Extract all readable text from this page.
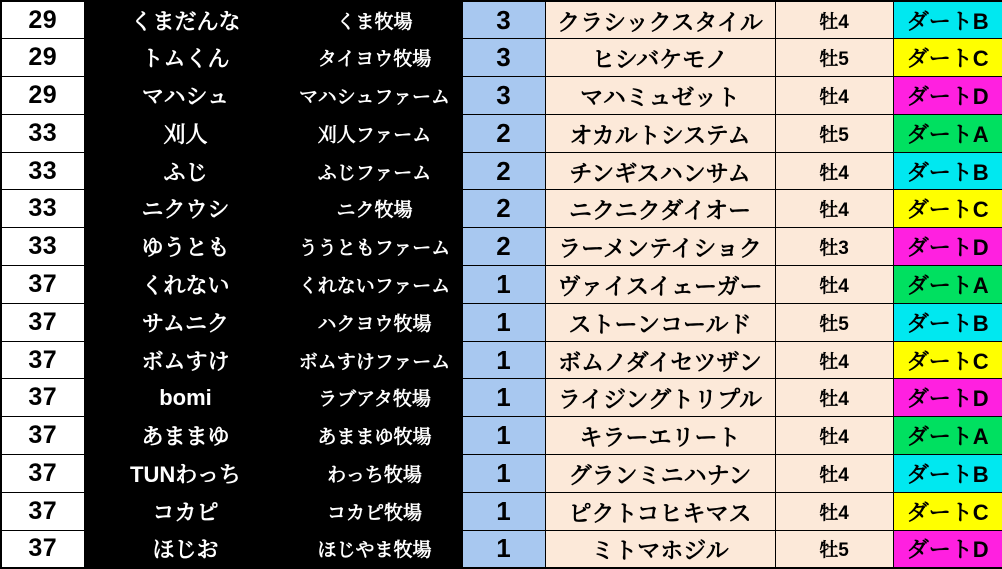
29	くまだんな	くま牧場	3	クラシックスタイル	牡4	ダートB
29	トムくん	タイヨウ牧場	3	ヒシバケモノ	牡5	ダートC
29	マハシュ	マハシュファーム	3	マハミュゼット	牡4	ダートD
33	刈人	刈人ファーム	2	オカルトシステム	牡5	ダートA
33	ふじ	ふじファーム	2	チンギスハンサム	牡4	ダートB
33	ニクウシ	ニク牧場	2	ニクニクダイオー	牡4	ダートC
33	ゆうとも	ううともファーム	2	ラーメンテイショク	牡3	ダートD
37	くれない	くれないファーム	1	ヴァイスイェーガー	牡4	ダートA
37	サムニク	ハクヨウ牧場	1	ストーンコールド	牡5	ダートB
37	ボムすけ	ボムすけファーム	1	ボムノダイセツザン	牡4	ダートC
37	bomi	ラブアタ牧場	1	ライジングトリプル	牡4	ダートD
37	あままゆ	あままゆ牧場	1	キラーエリート	牡4	ダートA
37	TUNわっち	わっち牧場	1	グランミニハナン	牡4	ダートB
37	コカピ	コカピ牧場	1	ピクトコヒキマス	牡4	ダートC
37	ほじお	ほじやま牧場	1	ミトマホジル	牡5	ダートD
